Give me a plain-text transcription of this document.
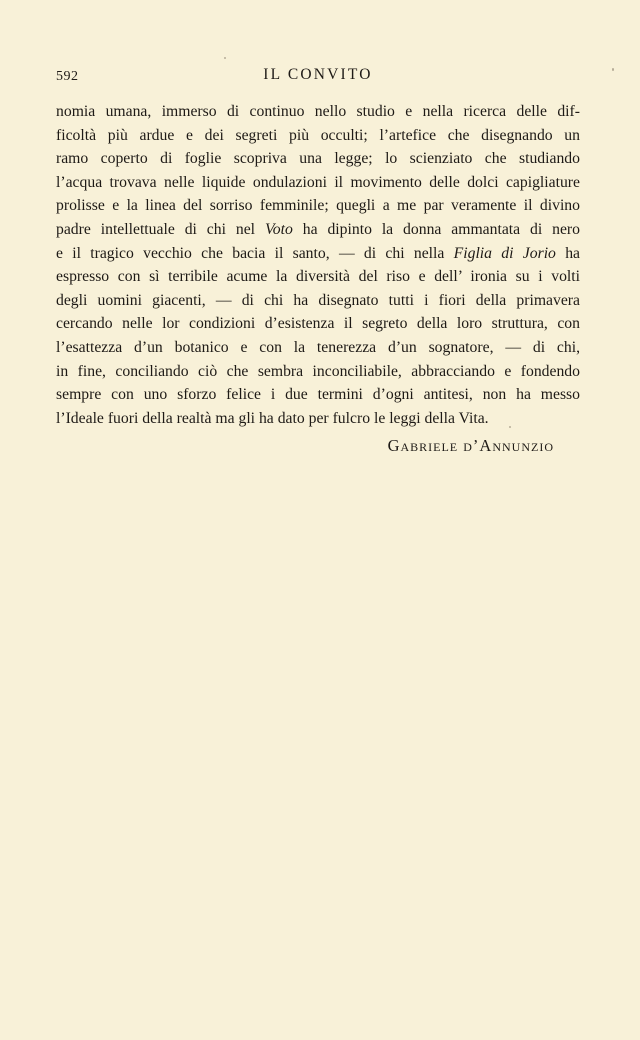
592	IL CONVITO
nomia umana, immerso di continuo nello studio e nella ricerca delle dif-
ficoltà più ardue e dei segreti più occulti; l’artefice che disegnando un
ramo coperto di foglie scopriva una legge; lo scienziato che studiando
l’acqua trovava nelle liquide ondulazioni il movimento delle dolci capigliature
prolisse e la linea del sorriso femminile; quegli a me par veramente il divino
padre intellettuale di chi nel Voto ha dipinto la donna ammantata di nero
e il tragico vecchio che bacia il santo, — di chi nella Figlia di Jorio ha
espresso con sì terribile acume la diversità del riso e dell’ ironia su i volti
degli uomini giacenti, — di chi ha disegnato tutti i fiori della primavera
cercando nelle lor condizioni d’esistenza il segreto della loro struttura, con
l’esattezza d’un botanico e con la tenerezza d’un sognatore, — di chi,
in fine, conciliando ciò che sembra inconciliabile, abbracciando e fondendo
sempre con uno sforzo felice i due termini d’ogni antitesi, non ha messo
l’Ideale fuori della realtà ma gli ha dato per fulcro le leggi della Vita.
Gabriele d’Annunzio
